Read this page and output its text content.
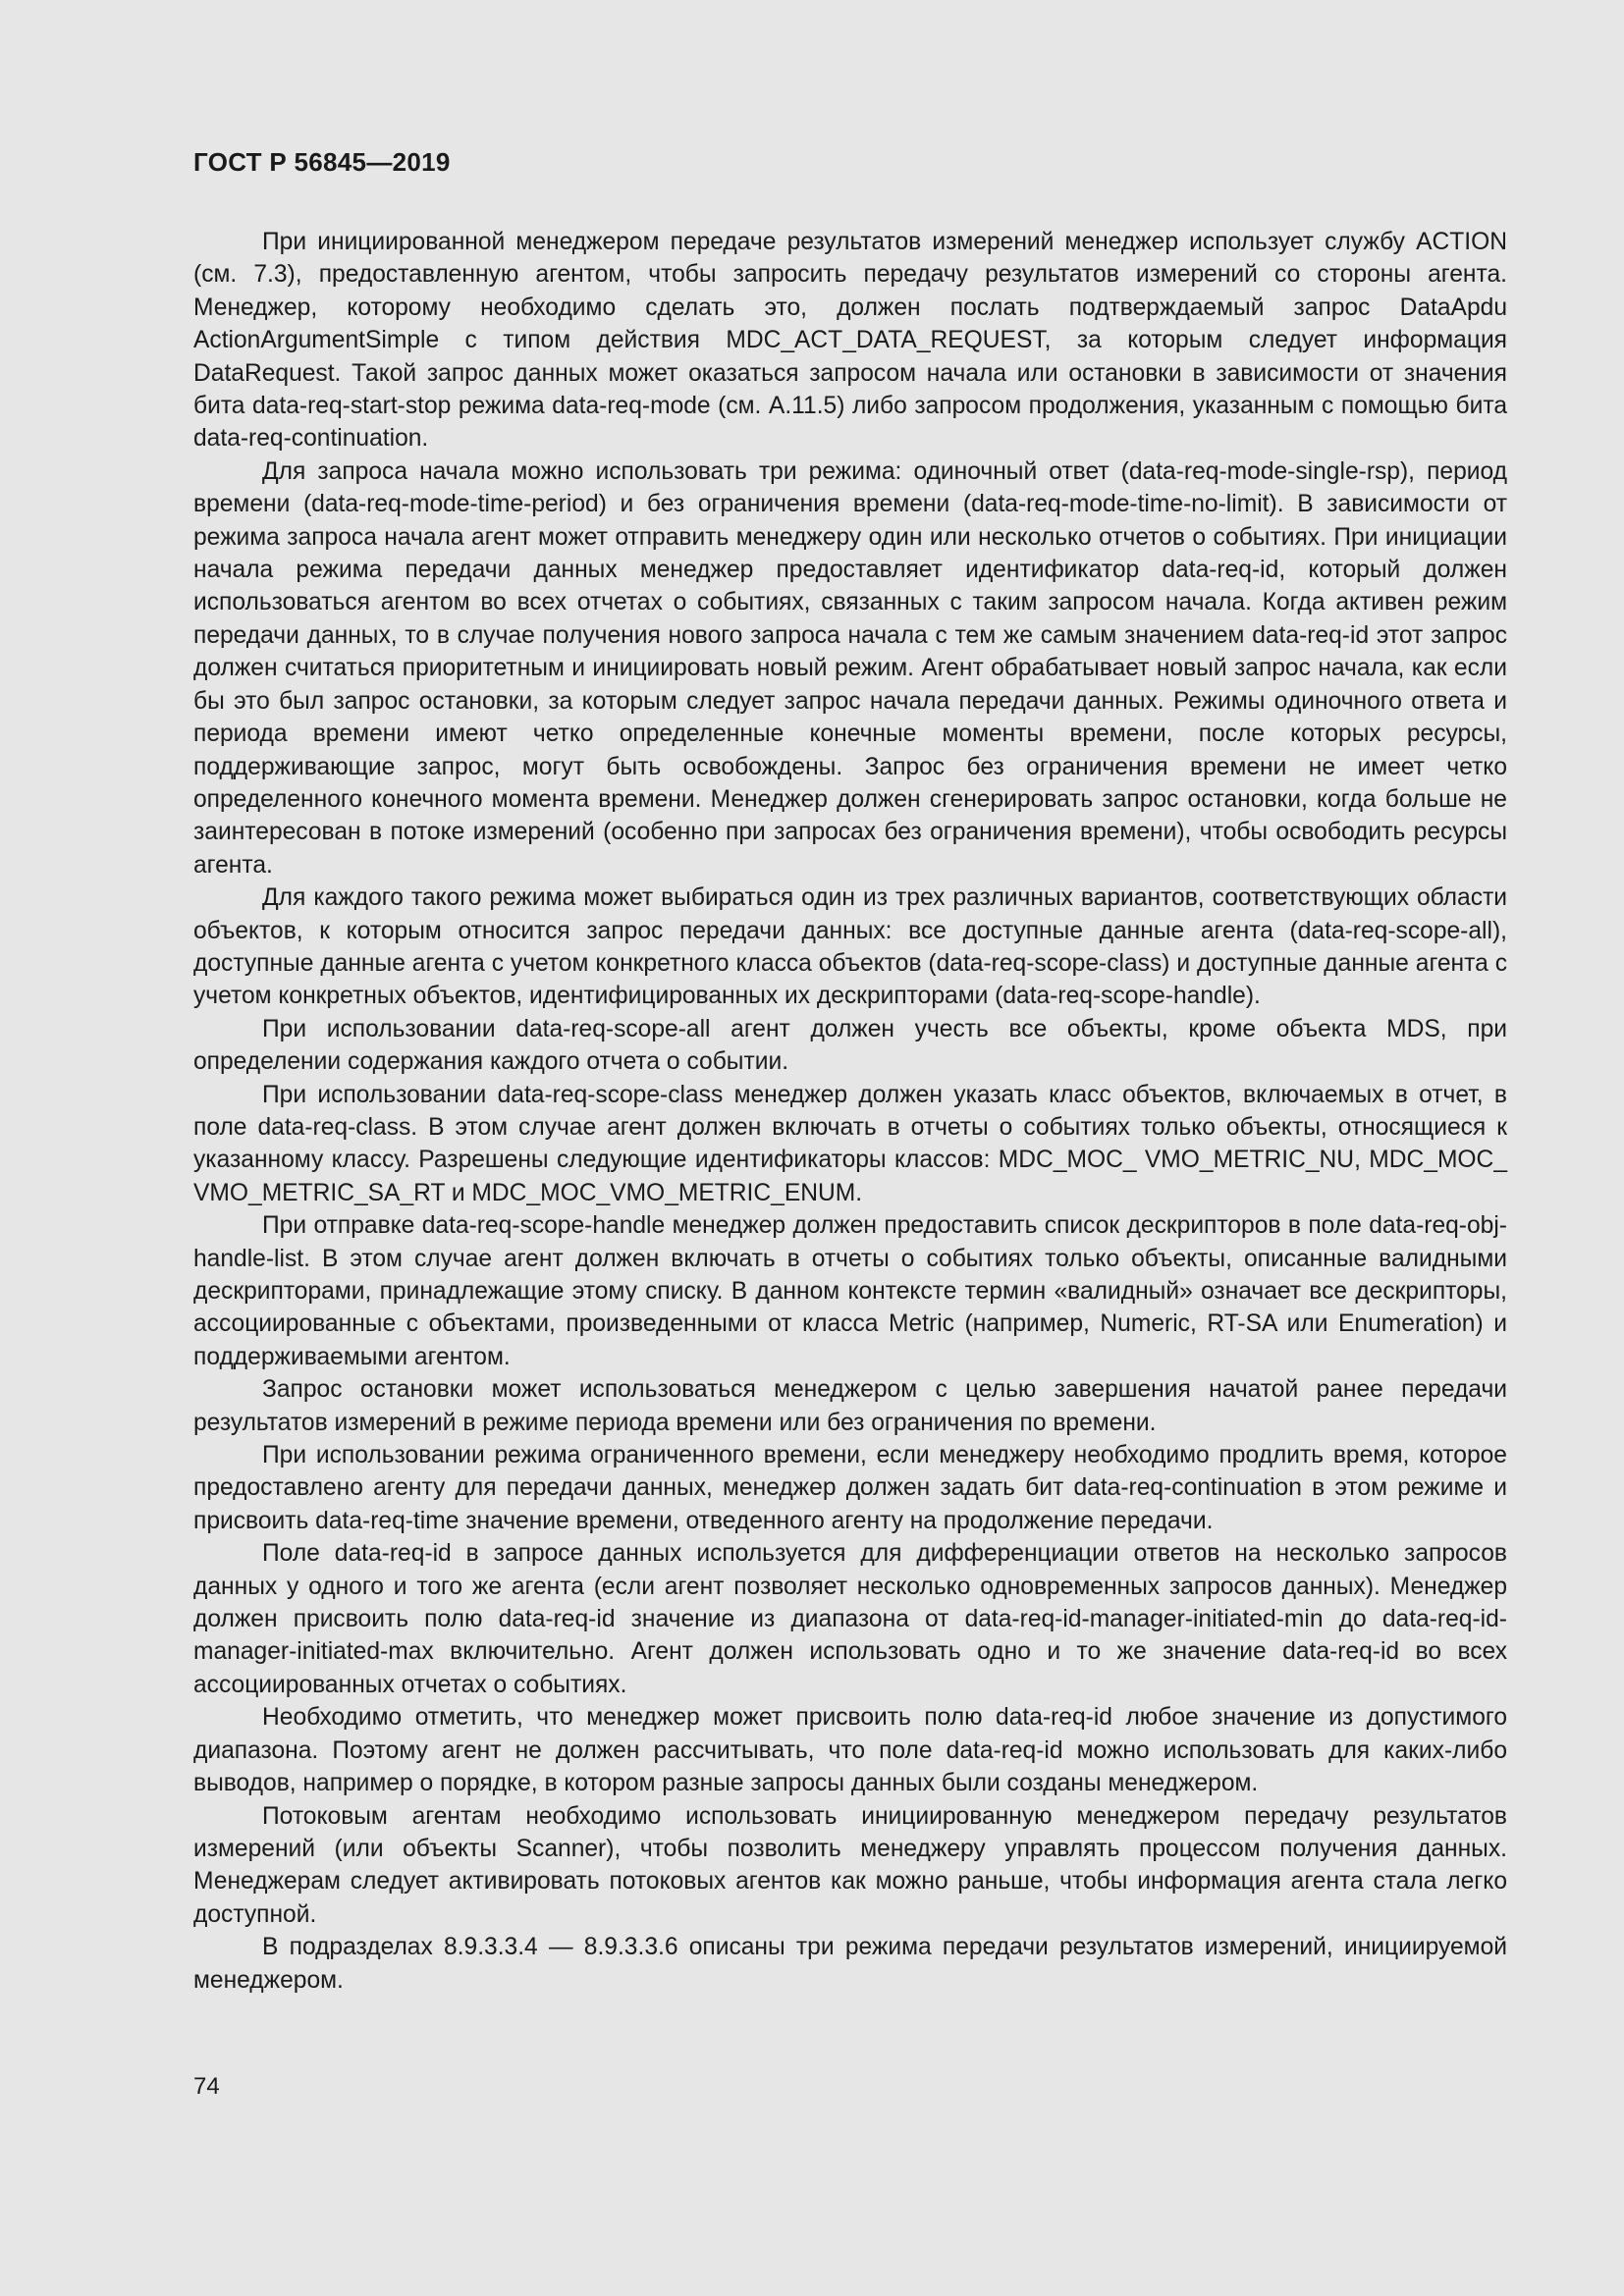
ГОСТ Р 56845—2019

При инициированной менеджером передаче результатов измерений менеджер использует службу ACTION (см. 7.3), предоставленную агентом, чтобы запросить передачу результатов измерений со стороны агента. Менеджер, которому необходимо сделать это, должен послать подтверждаемый запрос DataApdu ActionArgumentSimple с типом действия MDC_ACT_DATA_REQUEST, за которым следует информация DataRequest. Такой запрос данных может оказаться запросом начала или остановки в зависимости от значения бита data-req-start-stop режима data-req-mode (см. А.11.5) либо запросом продолжения, указанным с помощью бита data-req-continuation.

Для запроса начала можно использовать три режима: одиночный ответ (data-req-mode-single-rsp), период времени (data-req-mode-time-period) и без ограничения времени (data-req-mode-time-no-limit). В зависимости от режима запроса начала агент может отправить менеджеру один или несколько отчетов о событиях. При инициации начала режима передачи данных менеджер предоставляет идентификатор data-req-id, который должен использоваться агентом во всех отчетах о событиях, связанных с таким запросом начала. Когда активен режим передачи данных, то в случае получения нового запроса начала с тем же самым значением data-req-id этот запрос должен считаться приоритетным и инициировать новый режим. Агент обрабатывает новый запрос начала, как если бы это был запрос остановки, за которым следует запрос начала передачи данных. Режимы одиночного ответа и периода времени имеют четко определенные конечные моменты времени, после которых ресурсы, поддерживающие запрос, могут быть освобождены. Запрос без ограничения времени не имеет четко определенного конечного момента времени. Менеджер должен сгенерировать запрос остановки, когда больше не заинтересован в потоке измерений (особенно при запросах без ограничения времени), чтобы освободить ресурсы агента.

Для каждого такого режима может выбираться один из трех различных вариантов, соответствующих области объектов, к которым относится запрос передачи данных: все доступные данные агента (data-req-scope-all), доступные данные агента с учетом конкретного класса объектов (data-req-scope-class) и доступные данные агента с учетом конкретных объектов, идентифицированных их дескрипторами (data-req-scope-handle).

При использовании data-req-scope-all агент должен учесть все объекты, кроме объекта MDS, при определении содержания каждого отчета о событии.

При использовании data-req-scope-class менеджер должен указать класс объектов, включаемых в отчет, в поле data-req-class. В этом случае агент должен включать в отчеты о событиях только объекты, относящиеся к указанному классу. Разрешены следующие идентификаторы классов: MDC_MOC_ VMO_METRIC_NU, MDC_MOC_ VMO_METRIC_SA_RT и MDC_MOC_VMO_METRIC_ENUM.

При отправке data-req-scope-handle менеджер должен предоставить список дескрипторов в поле data-req-obj-handle-list. В этом случае агент должен включать в отчеты о событиях только объекты, описанные валидными дескрипторами, принадлежащие этому списку. В данном контексте термин «валидный» означает все дескрипторы, ассоциированные с объектами, произведенными от класса Metric (например, Numeric, RT-SA или Enumeration) и поддерживаемыми агентом.

Запрос остановки может использоваться менеджером с целью завершения начатой ранее передачи результатов измерений в режиме периода времени или без ограничения по времени.

При использовании режима ограниченного времени, если менеджеру необходимо продлить время, которое предоставлено агенту для передачи данных, менеджер должен задать бит data-req-continuation в этом режиме и присвоить data-req-time значение времени, отведенного агенту на продолжение передачи.

Поле data-req-id в запросе данных используется для дифференциации ответов на несколько запросов данных у одного и того же агента (если агент позволяет несколько одновременных запросов данных). Менеджер должен присвоить полю data-req-id значение из диапазона от data-req-id-manager-initiated-min до data-req-id-manager-initiated-max включительно. Агент должен использовать одно и то же значение data-req-id во всех ассоциированных отчетах о событиях.

Необходимо отметить, что менеджер может присвоить полю data-req-id любое значение из допустимого диапазона. Поэтому агент не должен рассчитывать, что поле data-req-id можно использовать для каких-либо выводов, например о порядке, в котором разные запросы данных были созданы менеджером.

Потоковым агентам необходимо использовать инициированную менеджером передачу результатов измерений (или объекты Scanner), чтобы позволить менеджеру управлять процессом получения данных. Менеджерам следует активировать потоковых агентов как можно раньше, чтобы информация агента стала легко доступной.

В подразделах 8.9.3.3.4 — 8.9.3.3.6 описаны три режима передачи результатов измерений, инициируемой менеджером.

74
